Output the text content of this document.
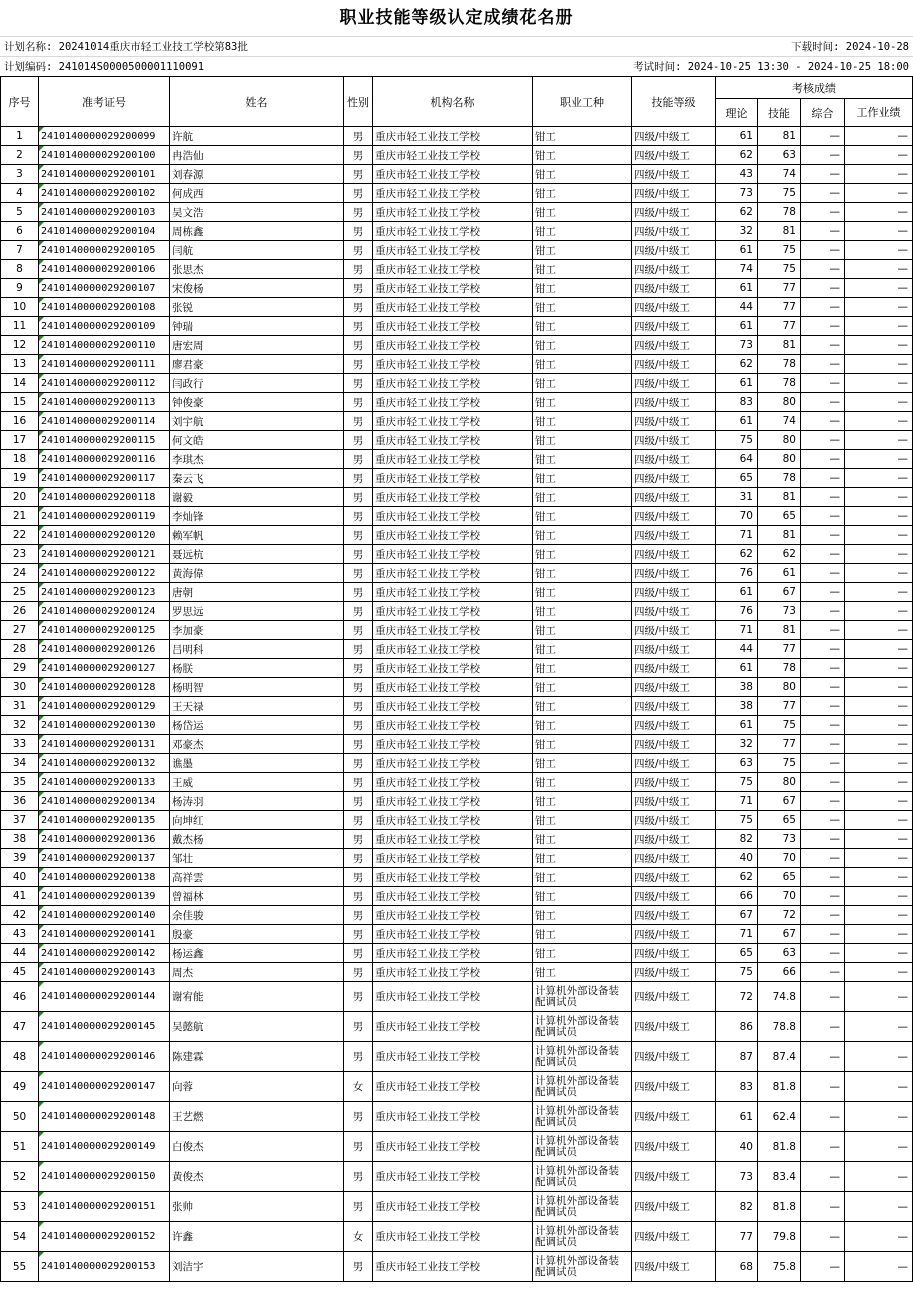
职业技能等级认定成绩花名册
计划名称: 20241014重庆市轻工业技工学校第83批	下载时间: 2024-10-28
计划编码: 241014S0000500001110091	考试时间: 2024-10-25 13:30 - 2024-10-25 18:00
序号	准考证号	姓名	性别	机构名称	职业工种	技能等级	考核成绩			
							理论	技能	综合	工作业绩
1	2410140000029200099	许航	男	重庆市轻工业技工学校	钳工	四级/中级工	61	81	—	—
2	2410140000029200100	冉浩仙	男	重庆市轻工业技工学校	钳工	四级/中级工	62	63	—	—
3	2410140000029200101	刘春源	男	重庆市轻工业技工学校	钳工	四级/中级工	43	74	—	—
4	2410140000029200102	何成西	男	重庆市轻工业技工学校	钳工	四级/中级工	73	75	—	—
5	2410140000029200103	吴文浩	男	重庆市轻工业技工学校	钳工	四级/中级工	62	78	—	—
6	2410140000029200104	周栋鑫	男	重庆市轻工业技工学校	钳工	四级/中级工	32	81	—	—
7	2410140000029200105	闫航	男	重庆市轻工业技工学校	钳工	四级/中级工	61	75	—	—
8	2410140000029200106	张思杰	男	重庆市轻工业技工学校	钳工	四级/中级工	74	75	—	—
9	2410140000029200107	宋俊杨	男	重庆市轻工业技工学校	钳工	四级/中级工	61	77	—	—
10	2410140000029200108	张锐	男	重庆市轻工业技工学校	钳工	四级/中级工	44	77	—	—
11	2410140000029200109	钟瑞	男	重庆市轻工业技工学校	钳工	四级/中级工	61	77	—	—
12	2410140000029200110	唐宏周	男	重庆市轻工业技工学校	钳工	四级/中级工	73	81	—	—
13	2410140000029200111	廖君豪	男	重庆市轻工业技工学校	钳工	四级/中级工	62	78	—	—
14	2410140000029200112	闫政行	男	重庆市轻工业技工学校	钳工	四级/中级工	61	78	—	—
15	2410140000029200113	钟俊豪	男	重庆市轻工业技工学校	钳工	四级/中级工	83	80	—	—
16	2410140000029200114	刘宇航	男	重庆市轻工业技工学校	钳工	四级/中级工	61	74	—	—
17	2410140000029200115	何文皓	男	重庆市轻工业技工学校	钳工	四级/中级工	75	80	—	—
18	2410140000029200116	李琪杰	男	重庆市轻工业技工学校	钳工	四级/中级工	64	80	—	—
19	2410140000029200117	秦云飞	男	重庆市轻工业技工学校	钳工	四级/中级工	65	78	—	—
20	2410140000029200118	谢毅	男	重庆市轻工业技工学校	钳工	四级/中级工	31	81	—	—
21	2410140000029200119	李灿锋	男	重庆市轻工业技工学校	钳工	四级/中级工	70	65	—	—
22	2410140000029200120	赖军帆	男	重庆市轻工业技工学校	钳工	四级/中级工	71	81	—	—
23	2410140000029200121	聂远杭	男	重庆市轻工业技工学校	钳工	四级/中级工	62	62	—	—
24	2410140000029200122	黄海偉	男	重庆市轻工业技工学校	钳工	四级/中级工	76	61	—	—
25	2410140000029200123	唐朝	男	重庆市轻工业技工学校	钳工	四级/中级工	61	67	—	—
26	2410140000029200124	罗思远	男	重庆市轻工业技工学校	钳工	四级/中级工	76	73	—	—
27	2410140000029200125	李加豪	男	重庆市轻工业技工学校	钳工	四级/中级工	71	81	—	—
28	2410140000029200126	吕明科	男	重庆市轻工业技工学校	钳工	四级/中级工	44	77	—	—
29	2410140000029200127	杨朕	男	重庆市轻工业技工学校	钳工	四级/中级工	61	78	—	—
30	2410140000029200128	杨明智	男	重庆市轻工业技工学校	钳工	四级/中级工	38	80	—	—
31	2410140000029200129	王天禄	男	重庆市轻工业技工学校	钳工	四级/中级工	38	77	—	—
32	2410140000029200130	杨岱运	男	重庆市轻工业技工学校	钳工	四级/中级工	61	75	—	—
33	2410140000029200131	邓豪杰	男	重庆市轻工业技工学校	钳工	四级/中级工	32	77	—	—
34	2410140000029200132	谯墨	男	重庆市轻工业技工学校	钳工	四级/中级工	63	75	—	—
35	2410140000029200133	王威	男	重庆市轻工业技工学校	钳工	四级/中级工	75	80	—	—
36	2410140000029200134	杨涛羽	男	重庆市轻工业技工学校	钳工	四级/中级工	71	67	—	—
37	2410140000029200135	向坤红	男	重庆市轻工业技工学校	钳工	四级/中级工	75	65	—	—
38	2410140000029200136	戴杰杨	男	重庆市轻工业技工学校	钳工	四级/中级工	82	73	—	—
39	2410140000029200137	邹壮	男	重庆市轻工业技工学校	钳工	四级/中级工	40	70	—	—
40	2410140000029200138	高祥雲	男	重庆市轻工业技工学校	钳工	四级/中级工	62	65	—	—
41	2410140000029200139	曾福林	男	重庆市轻工业技工学校	钳工	四级/中级工	66	70	—	—
42	2410140000029200140	余佳骏	男	重庆市轻工业技工学校	钳工	四级/中级工	67	72	—	—
43	2410140000029200141	殷豪	男	重庆市轻工业技工学校	钳工	四级/中级工	71	67	—	—
44	2410140000029200142	杨运鑫	男	重庆市轻工业技工学校	钳工	四级/中级工	65	63	—	—
45	2410140000029200143	周杰	男	重庆市轻工业技工学校	钳工	四级/中级工	75	66	—	—
46	2410140000029200144	谢宥能	男	重庆市轻工业技工学校	计算机外部设备装配调试员	四级/中级工	72	74.8	—	—
47	2410140000029200145	吴懿航	男	重庆市轻工业技工学校	计算机外部设备装配调试员	四级/中级工	86	78.8	—	—
48	2410140000029200146	陈建霖	男	重庆市轻工业技工学校	计算机外部设备装配调试员	四级/中级工	87	87.4	—	—
49	2410140000029200147	向蓉	女	重庆市轻工业技工学校	计算机外部设备装配调试员	四级/中级工	83	81.8	—	—
50	2410140000029200148	王艺燃	男	重庆市轻工业技工学校	计算机外部设备装配调试员	四级/中级工	61	62.4	—	—
51	2410140000029200149	白俊杰	男	重庆市轻工业技工学校	计算机外部设备装配调试员	四级/中级工	40	81.8	—	—
52	2410140000029200150	黄俊杰	男	重庆市轻工业技工学校	计算机外部设备装配调试员	四级/中级工	73	83.4	—	—
53	2410140000029200151	张帅	男	重庆市轻工业技工学校	计算机外部设备装配调试员	四级/中级工	82	81.8	—	—
54	2410140000029200152	许鑫	女	重庆市轻工业技工学校	计算机外部设备装配调试员	四级/中级工	77	79.8	—	—
55	2410140000029200153	刘洁宇	男	重庆市轻工业技工学校	计算机外部设备装配调试员	四级/中级工	68	75.8	—	—
